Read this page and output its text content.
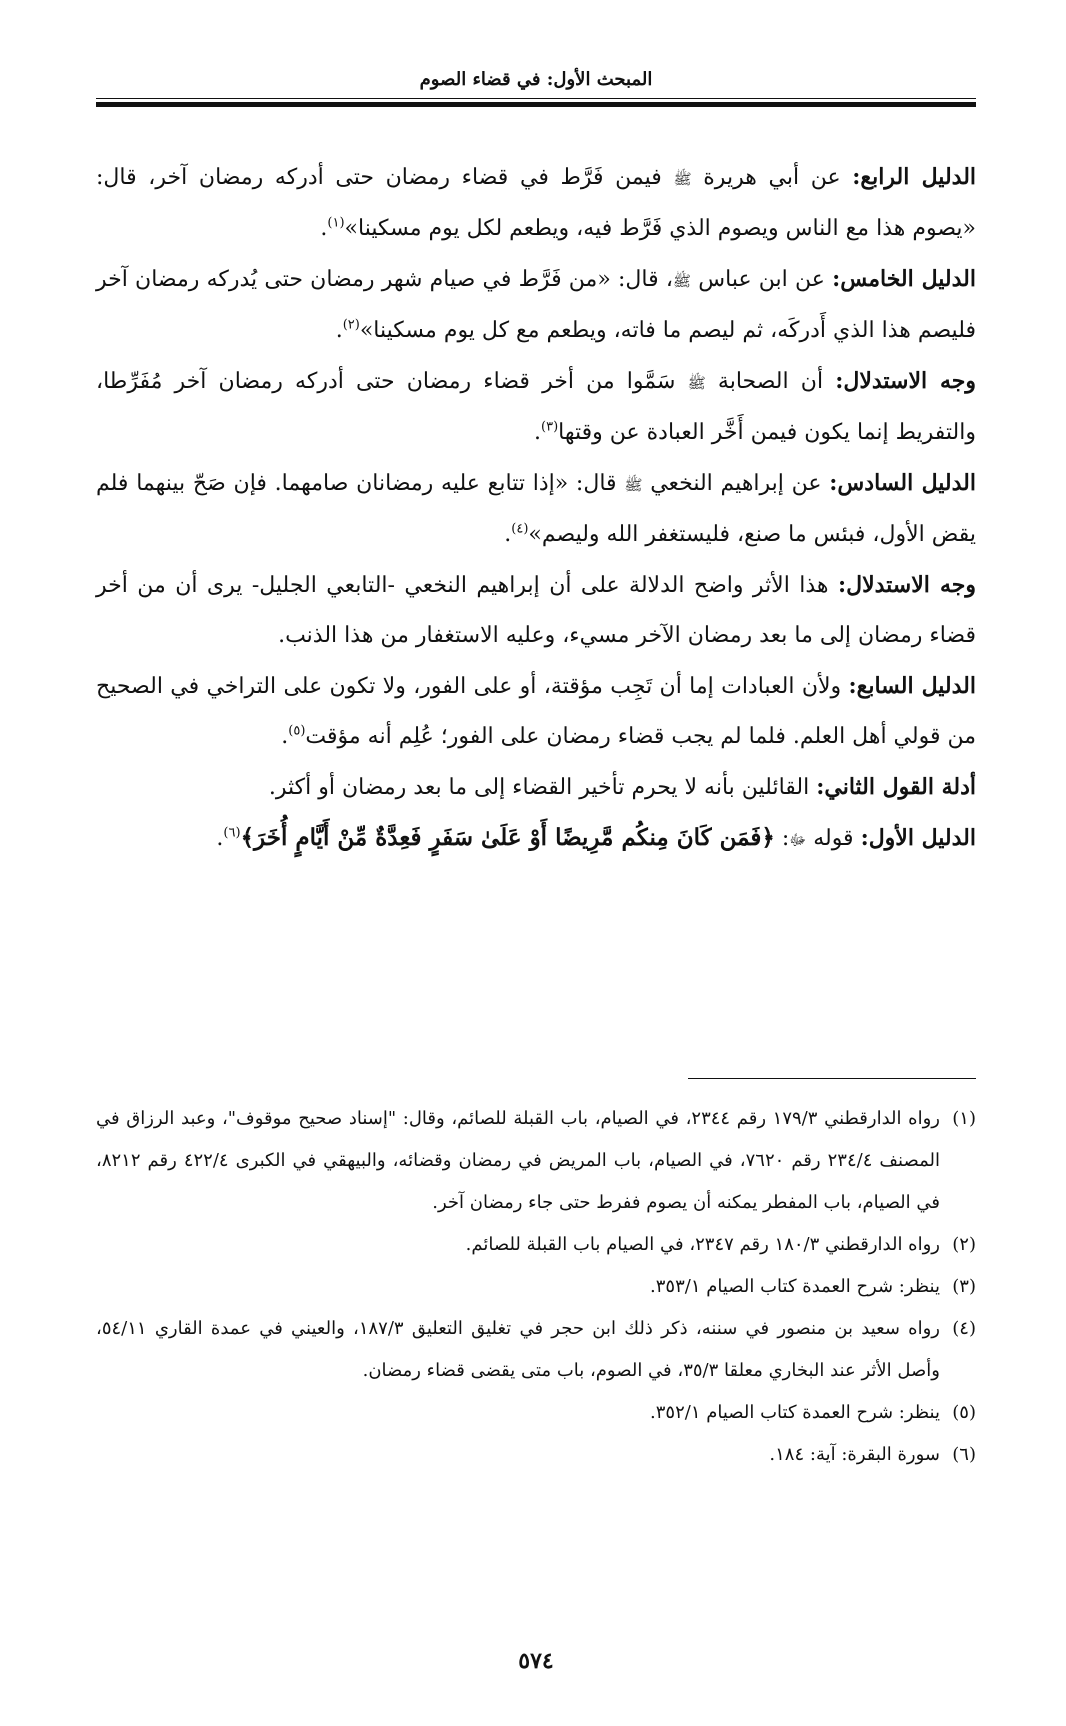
المبحث الأول: في قضاء الصوم

الدليل الرابع: عن أبي هريرة ﷺ فيمن فَرَّط في قضاء رمضان حتى أدركه رمضان آخر، قال: «يصوم هذا مع الناس ويصوم الذي فَرَّط فيه، ويطعم لكل يوم مسكينا»$^{(١)}$.

الدليل الخامس: عن ابن عباس ﷺ، قال: «من فَرَّط في صيام شهر رمضان حتى يُدركه رمضان آخر فليصم هذا الذي أَدركَه، ثم ليصم ما فاته، ويطعم مع كل يوم مسكينا»$^{(٢)}$.

وجه الاستدلال: أن الصحابة ﷺ سَمَّوا من أخر قضاء رمضان حتى أدركه رمضان آخر مُفَرِّطا، والتفريط إنما يكون فيمن أَخَّر العبادة عن وقتها$^{(٣)}$.

الدليل السادس: عن إبراهيم النخعي ﷺ قال: «إذا تتابع عليه رمضانان صامهما. فإن صَحّ بينهما فلم يقض الأول، فبئس ما صنع، فليستغفر الله وليصم»$^{(٤)}$.

وجه الاستدلال: هذا الأثر واضح الدلالة على أن إبراهيم النخعي -التابعي الجليل- يرى أن من أخر قضاء رمضان إلى ما بعد رمضان الآخر مسيء، وعليه الاستغفار من هذا الذنب.

الدليل السابع: ولأن العبادات إما أن تَجِب مؤقتة، أو على الفور، ولا تكون على التراخي في الصحيح من قولي أهل العلم. فلما لم يجب قضاء رمضان على الفور؛ عُلِم أنه مؤقت$^{(٥)}$.

أدلة القول الثاني: القائلين بأنه لا يحرم تأخير القضاء إلى ما بعد رمضان أو أكثر.

الدليل الأول: قوله ﷻ: ﴿فَمَن كَانَ مِنكُم مَّرِيضًا أَوْ عَلَىٰ سَفَرٍ فَعِدَّةٌ مِّنْ أَيَّامٍ أُخَرَ﴾$^{(٦)}$.

(١)
رواه الدارقطني ١٧٩/٣ رقم ٢٣٤٤، في الصيام، باب القبلة للصائم، وقال: "إسناد صحيح موقوف"، وعبد الرزاق في المصنف ٢٣٤/٤ رقم ٧٦٢٠، في الصيام، باب المريض في رمضان وقضائه، والبيهقي في الكبرى ٤٢٢/٤ رقم ٨٢١٢، في الصيام، باب المفطر يمكنه أن يصوم ففرط حتى جاء رمضان آخر.

(٢)
رواه الدارقطني ١٨٠/٣ رقم ٢٣٤٧، في الصيام باب القبلة للصائم.

(٣)
ينظر: شرح العمدة كتاب الصيام ٣٥٣/١.

(٤)
رواه سعيد بن منصور في سننه، ذكر ذلك ابن حجر في تغليق التعليق ١٨٧/٣، والعيني في عمدة القاري ٥٤/١١، وأصل الأثر عند البخاري معلقا ٣٥/٣، في الصوم، باب متى يقضى قضاء رمضان.

(٥)
ينظر: شرح العمدة كتاب الصيام ٣٥٢/١.

(٦)
سورة البقرة: آية: ١٨٤.

٥٧٤
